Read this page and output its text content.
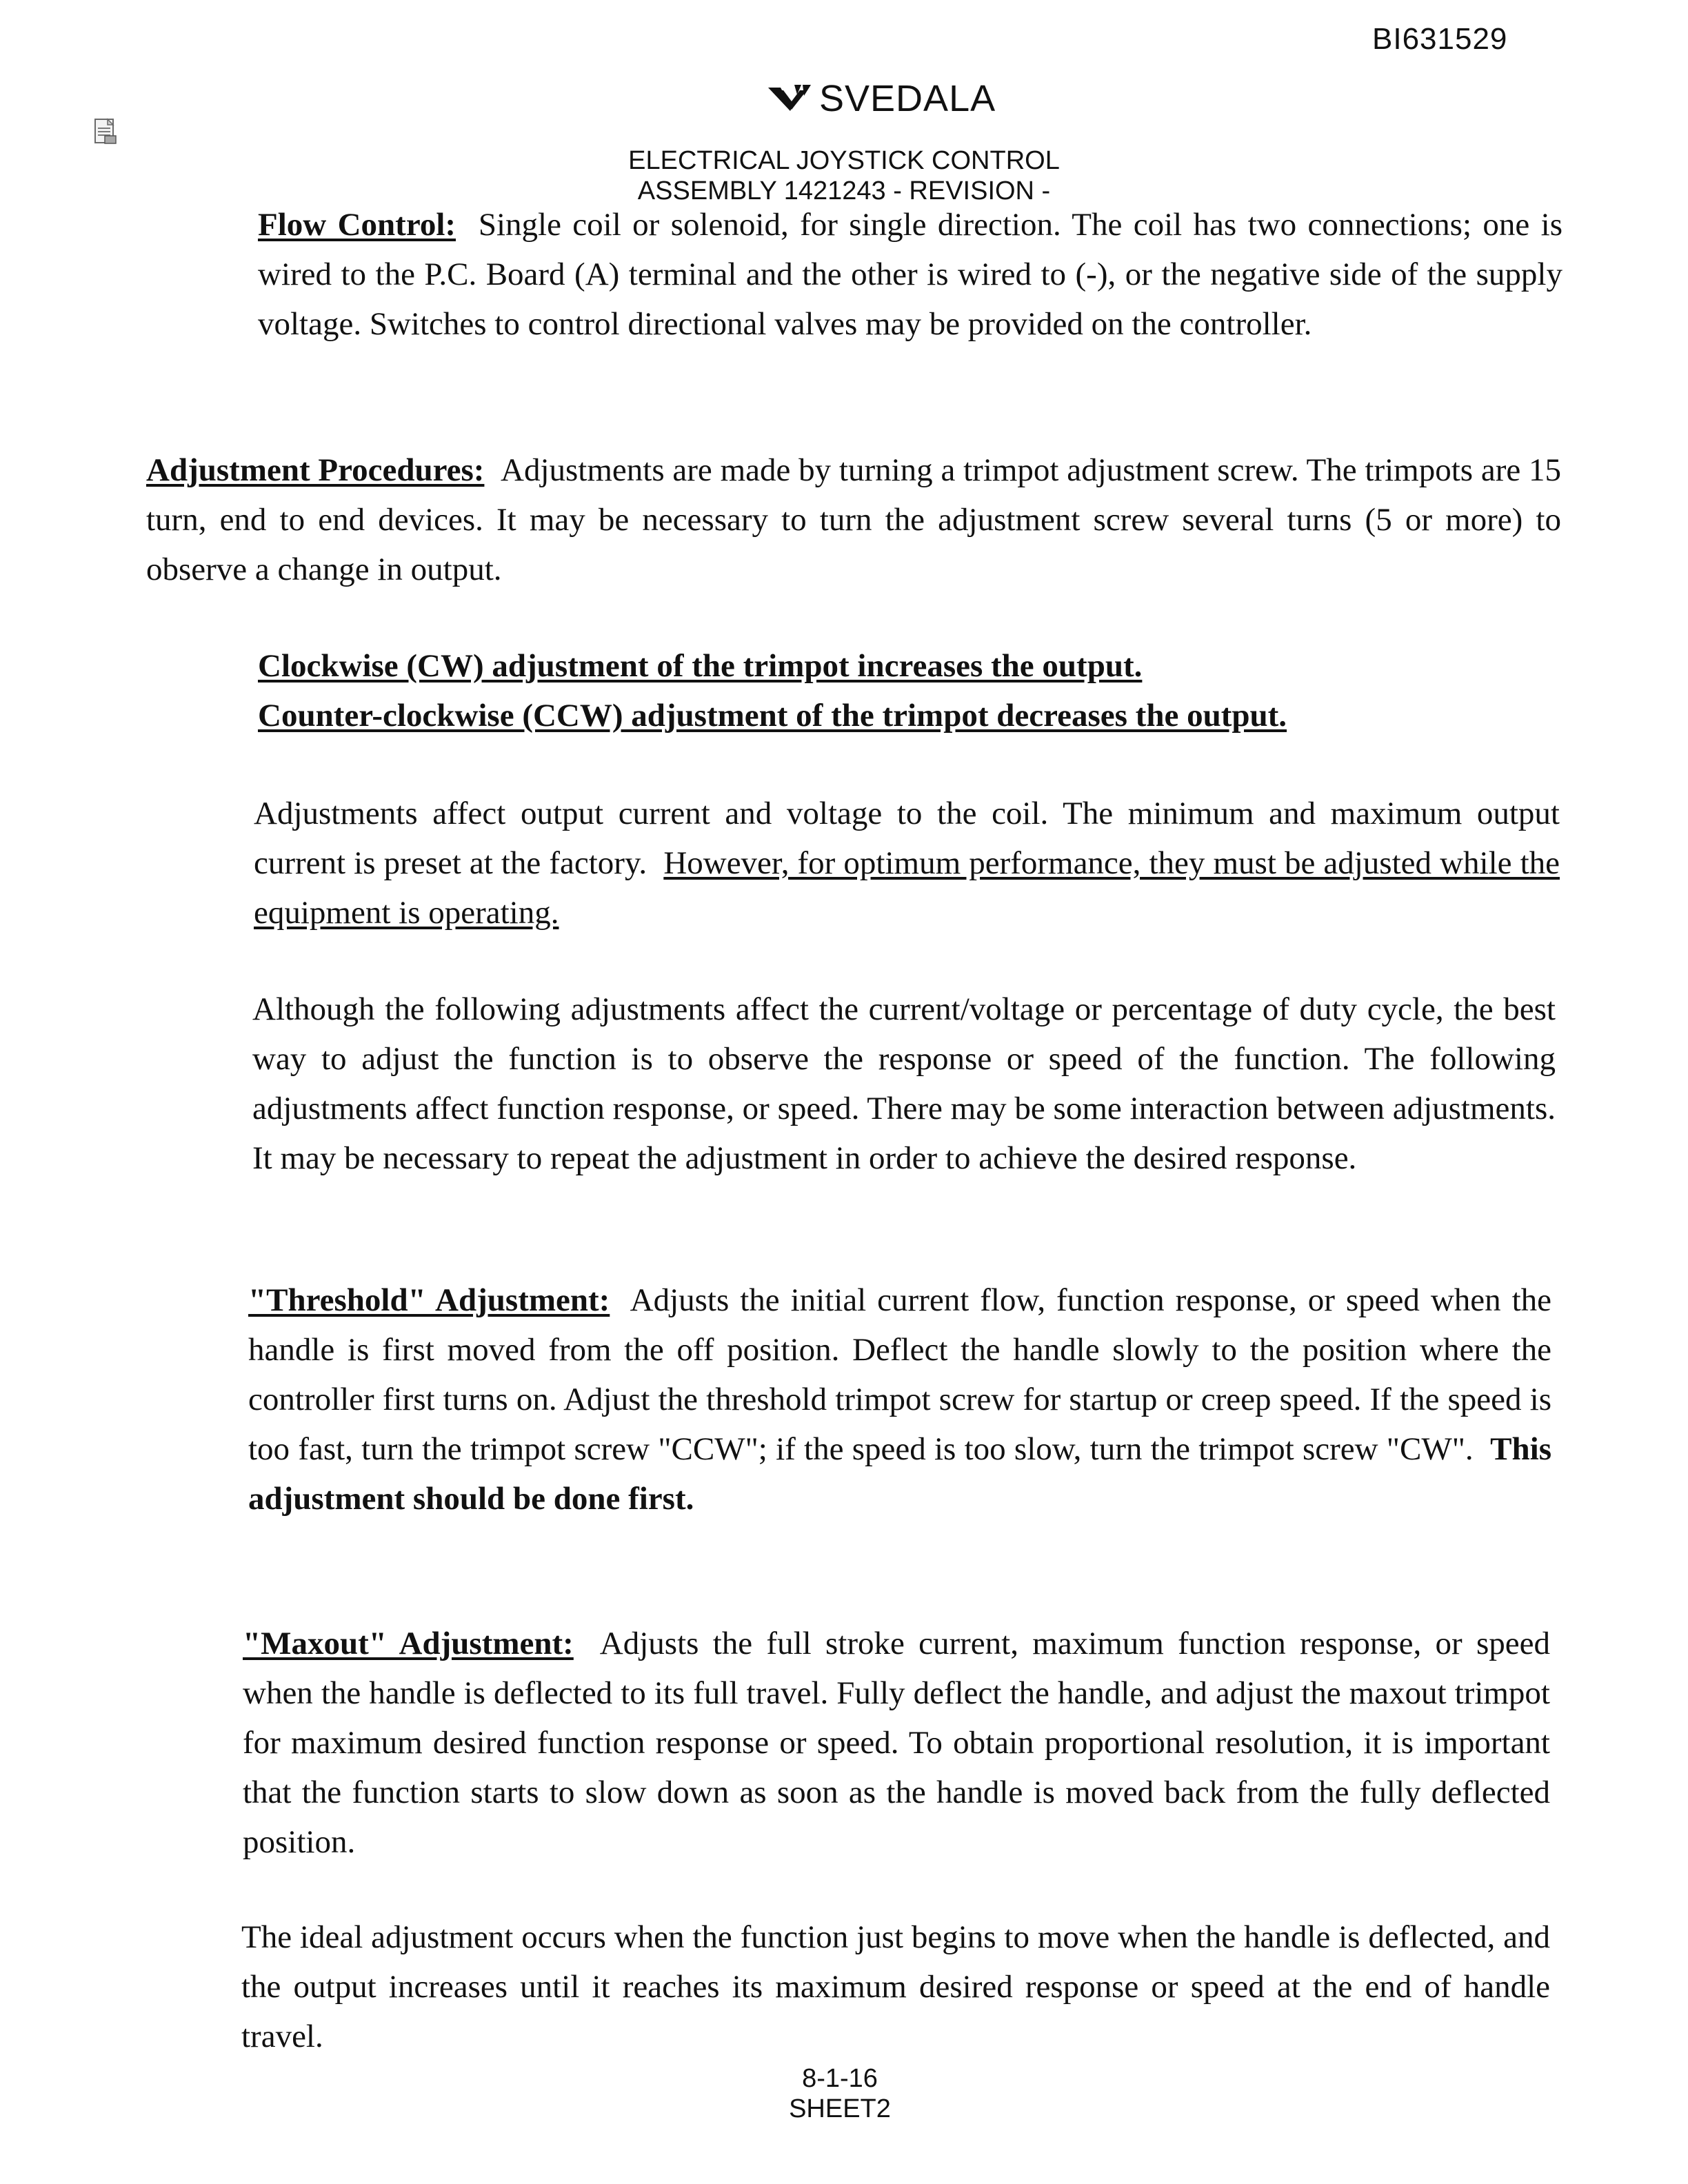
BI631529
SVEDALA
ELECTRICAL JOYSTICK CONTROL
ASSEMBLY 1421243 - REVISION -

Flow Control: Single coil or solenoid, for single direction. The coil has two connections; one is wired to the P.C. Board (A) terminal and the other is wired to (-), or the negative side of the supply voltage. Switches to control directional valves may be provided on the controller.

Adjustment Procedures: Adjustments are made by turning a trimpot adjustment screw. The trimpots are 15 turn, end to end devices. It may be necessary to turn the adjustment screw several turns (5 or more) to observe a change in output.

Clockwise (CW) adjustment of the trimpot increases the output.
Counter-clockwise (CCW) adjustment of the trimpot decreases the output.

Adjustments affect output current and voltage to the coil. The minimum and maximum output current is preset at the factory. However, for optimum performance, they must be adjusted while the equipment is operating.

Although the following adjustments affect the current/voltage or percentage of duty cycle, the best way to adjust the function is to observe the response or speed of the function. The following adjustments affect function response, or speed. There may be some interaction between adjustments. It may be necessary to repeat the adjustment in order to achieve the desired response.

"Threshold" Adjustment: Adjusts the initial current flow, function response, or speed when the handle is first moved from the off position. Deflect the handle slowly to the position where the controller first turns on. Adjust the threshold trimpot screw for startup or creep speed. If the speed is too fast, turn the trimpot screw "CCW"; if the speed is too slow, turn the trimpot screw "CW". This adjustment should be done first.

"Maxout" Adjustment: Adjusts the full stroke current, maximum function response, or speed when the handle is deflected to its full travel. Fully deflect the handle, and adjust the maxout trimpot for maximum desired function response or speed. To obtain proportional resolution, it is important that the function starts to slow down as soon as the handle is moved back from the fully deflected position.

The ideal adjustment occurs when the function just begins to move when the handle is deflected, and the output increases until it reaches its maximum desired response or speed at the end of handle travel.

8-1-16
SHEET2
